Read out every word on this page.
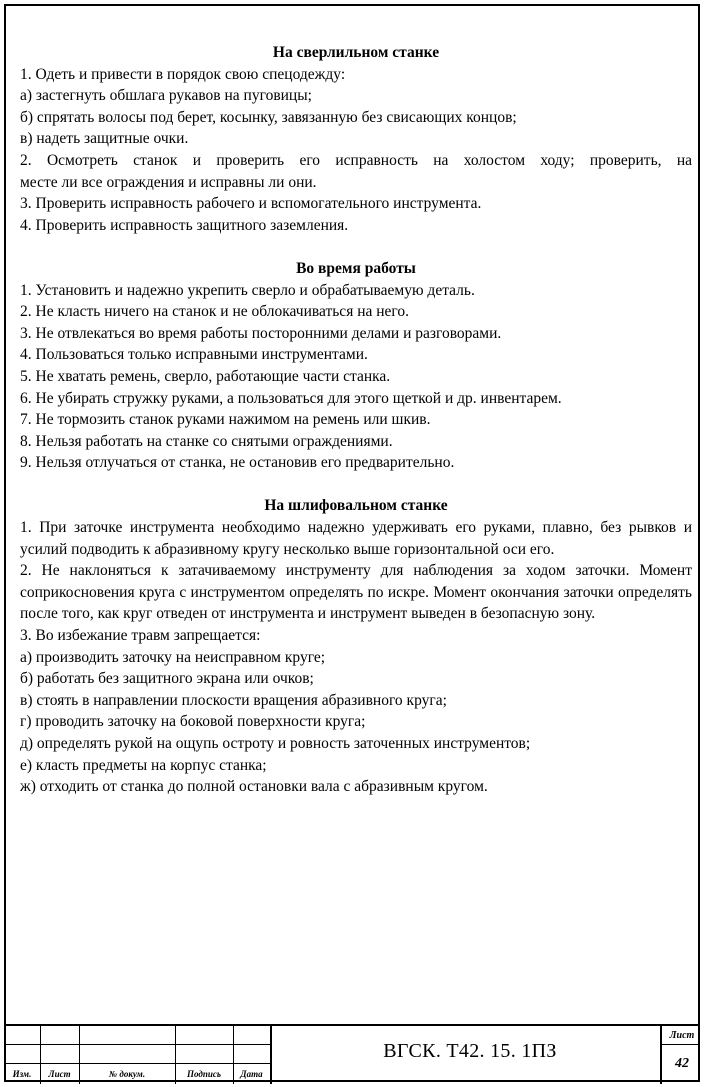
На сверлильном станке
1. Одеть и привести в порядок свою спецодежду:
а) застегнуть обшлага рукавов на пуговицы;
б) спрятать волосы под берет, косынку, завязанную без свисающих концов;
в) надеть защитные очки.
2. Осмотреть станок и проверить его исправность на холостом ходу; проверить, на
месте ли все ограждения и исправны ли они.
3. Проверить исправность рабочего и вспомогательного инструмента.
4. Проверить исправность защитного заземления.
Во время работы
1. Установить и надежно укрепить сверло и обрабатываемую деталь.
2. Не класть ничего на станок и не облокачиваться на него.
3. Не отвлекаться во время работы посторонними делами и разговорами.
4. Пользоваться только исправными инструментами.
5. Не хватать ремень, сверло, работающие части станка.
6. Не убирать стружку руками, а пользоваться для этого щеткой и др. инвентарем.
7. Не тормозить станок руками нажимом на ремень или шкив.
8. Нельзя работать на станке со снятыми ограждениями.
9. Нельзя отлучаться от станка, не остановив его предварительно.
На шлифовальном станке
1. При заточке инструмента необходимо надежно удерживать его руками, плавно, без рывков и усилий подводить к абразивному кругу несколько выше горизонтальной оси его.
2. Не наклоняться к затачиваемому инструменту для наблюдения за ходом заточки. Момент соприкосновения круга с инструментом определять по искре. Момент окончания заточки определять после того, как круг отведен от инструмента и инструмент выведен в безопасную зону.
3. Во избежание травм запрещается:
а) производить заточку на неисправном круге;
б) работать без защитного экрана или очков;
в) стоять в направлении плоскости вращения абразивного круга;
г) проводить заточку на боковой поверхности круга;
д) определять рукой на ощупь остроту и ровность заточенных инструментов;
е) класть предметы на корпус станка;
ж) отходить от станка до полной остановки вала с абразивным кругом.
Изм.	Лист	№ докум.	Подпись	Дата
ВГСК. Т42. 15. 1ПЗ
Лист
42
